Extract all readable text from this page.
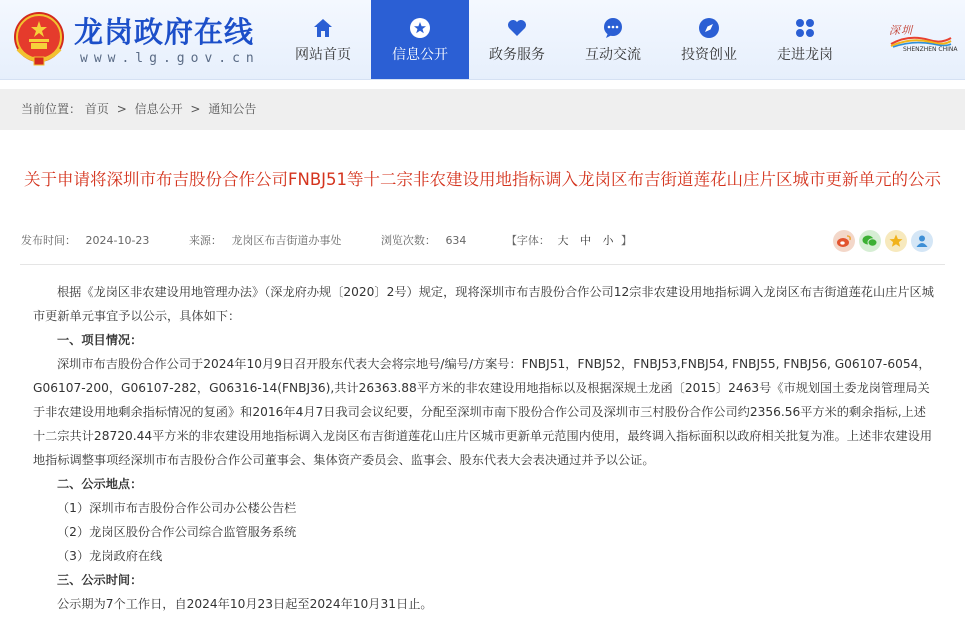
龙岗政府在线
www.lg.gov.cn	网站首页	信息公开	政务服务	互动交流	投资创业	走进龙岗
深圳
SHENZHEN CHINA
当前位置： 首页 > 信息公开 > 通知公告
关于申请将深圳市布吉股份合作公司FNBJ51等十二宗非农建设用地指标调入龙岗区布吉街道莲花山庄片区城市更新单元的公示
发布时间： 2024-10-23	来源： 龙岗区布吉街道办事处	浏览次数： 634	【字体： 大 中 小 】

根据《龙岗区非农建设用地管理办法》（深龙府办规〔2020〕2号）规定，现将深圳市布吉股份合作公司12宗非农建设用地指标调入龙岗区布吉街道莲花山庄片区城市更新单元事宜予以公示，具体如下：

一、项目情况：

深圳市布吉股份合作公司于2024年10月9日召开股东代表大会将宗地号/编号/方案号：FNBJ51，FNBJ52，FNBJ53,FNBJ54, FNBJ55, FNBJ56, G06107-6054，G06107-200，G06107-282，G06316-14(FNBJ36),共计26363.88平方米的非农建设用地指标以及根据深规土龙函〔2015〕2463号《市规划国土委龙岗管理局关于非农建设用地剩余指标情况的复函》和2016年4月7日我司会议纪要，分配至深圳市南下股份合作公司及深圳市三村股份合作公司约2356.56平方米的剩余指标,上述十二宗共计28720.44平方米的非农建设用地指标调入龙岗区布吉街道莲花山庄片区城市更新单元范围内使用，最终调入指标面积以政府相关批复为准。上述非农建设用地指标调整事项经深圳市布吉股份合作公司董事会、集体资产委员会、监事会、股东代表大会表决通过并予以公证。

二、公示地点：

（1）深圳市布吉股份合作公司办公楼公告栏

（2）龙岗区股份合作公司综合监管服务系统

（3）龙岗政府在线

三、公示时间：

公示期为7个工作日，自2024年10月23日起至2024年10月31日止。
